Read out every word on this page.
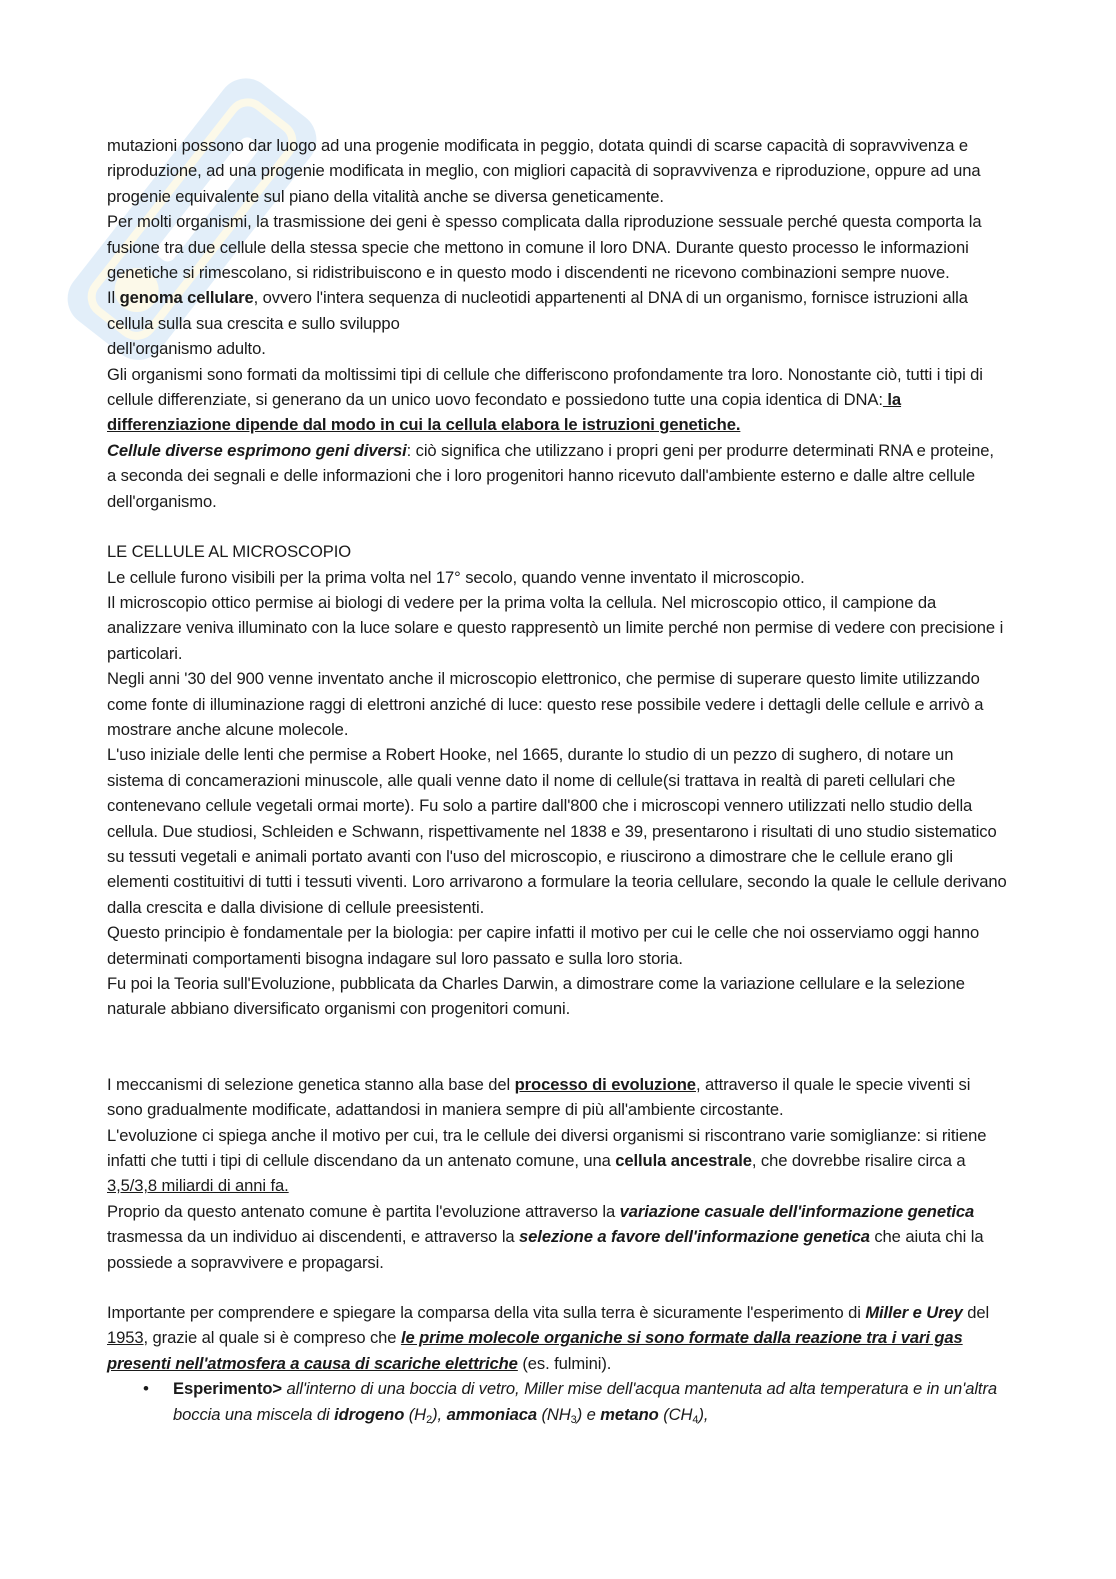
mutazioni possono dar luogo ad una progenie modificata in peggio, dotata quindi di scarse capacità di sopravvivenza e riproduzione, ad una progenie modificata in meglio, con migliori capacità di sopravvivenza e riproduzione, oppure ad una progenie equivalente sul piano della vitalità anche se diversa geneticamente.

Per molti organismi, la trasmissione dei geni è spesso complicata dalla riproduzione sessuale perché questa comporta la fusione tra due cellule della stessa specie che mettono in comune il loro DNA. Durante questo processo le informazioni genetiche si rimescolano, si ridistribuiscono e in questo modo i discendenti ne ricevono combinazioni sempre nuove.

Il genoma cellulare, ovvero l'intera sequenza di nucleotidi appartenenti al DNA di un organismo, fornisce istruzioni alla cellula sulla sua crescita e sullo sviluppo
dell'organismo adulto.

Gli organismi sono formati da moltissimi tipi di cellule che differiscono profondamente tra loro. Nonostante ciò, tutti i tipi di cellule differenziate, si generano da un unico uovo fecondato e possiedono tutte una copia identica di DNA: la differenziazione dipende dal modo in cui la cellula elabora le istruzioni genetiche.

Cellule diverse esprimono geni diversi: ciò significa che utilizzano i propri geni per produrre determinati RNA e proteine, a seconda dei segnali e delle informazioni che i loro progenitori hanno ricevuto dall'ambiente esterno e dalle altre cellule dell'organismo.

LE CELLULE AL MICROSCOPIO

Le cellule furono visibili per la prima volta nel 17° secolo, quando venne inventato il microscopio.

Il microscopio ottico permise ai biologi di vedere per la prima volta la cellula. Nel microscopio ottico, il campione da analizzare veniva illuminato con la luce solare e questo rappresentò un limite perché non permise di vedere con precisione i particolari.

Negli anni '30 del 900 venne inventato anche il microscopio elettronico, che permise di superare questo limite utilizzando come fonte di illuminazione raggi di elettroni anziché di luce: questo rese possibile vedere i dettagli delle cellule e arrivò a mostrare anche alcune molecole.

L'uso iniziale delle lenti che permise a Robert Hooke, nel 1665, durante lo studio di un pezzo di sughero, di notare un sistema di concamerazioni minuscole, alle quali venne dato il nome di cellule(si trattava in realtà di pareti cellulari che contenevano cellule vegetali ormai morte). Fu solo a partire dall'800 che i microscopi vennero utilizzati nello studio della cellula. Due studiosi, Schleiden e Schwann, rispettivamente nel 1838 e 39, presentarono i risultati di uno studio sistematico su tessuti vegetali e animali portato avanti con l'uso del microscopio, e riuscirono a dimostrare che le cellule erano gli elementi costituitivi di tutti i tessuti viventi. Loro arrivarono a formulare la teoria cellulare, secondo la quale le cellule derivano dalla crescita e dalla divisione di cellule preesistenti.

Questo principio è fondamentale per la biologia: per capire infatti il motivo per cui le celle che noi osserviamo oggi hanno determinati comportamenti bisogna indagare sul loro passato e sulla loro storia.

Fu poi la Teoria sull'Evoluzione, pubblicata da Charles Darwin, a dimostrare come la variazione cellulare e la selezione naturale abbiano diversificato organismi con progenitori comuni.

I meccanismi di selezione genetica stanno alla base del processo di evoluzione, attraverso il quale le specie viventi si sono gradualmente modificate, adattandosi in maniera sempre di più all'ambiente circostante.

L'evoluzione ci spiega anche il motivo per cui, tra le cellule dei diversi organismi si riscontrano varie somiglianze: si ritiene infatti che tutti i tipi di cellule discendano da un antenato comune, una cellula ancestrale, che dovrebbe risalire circa a 3,5/3,8 miliardi di anni fa.

Proprio da questo antenato comune è partita l'evoluzione attraverso la variazione casuale dell'informazione genetica trasmessa da un individuo ai discendenti, e attraverso la selezione a favore dell'informazione genetica che aiuta chi la possiede a sopravvivere e propagarsi.

Importante per comprendere e spiegare la comparsa della vita sulla terra è sicuramente l'esperimento di Miller e Urey del 1953, grazie al quale si è compreso che le prime molecole organiche si sono formate dalla reazione tra i vari gas presenti nell'atmosfera a causa di scariche elettriche (es. fulmini).

• Esperimento> all'interno di una boccia di vetro, Miller mise dell'acqua mantenuta ad alta temperatura e in un'altra boccia una miscela di idrogeno $(H_2)$, ammoniaca $(NH_3)$ e metano $(CH_4)$,
